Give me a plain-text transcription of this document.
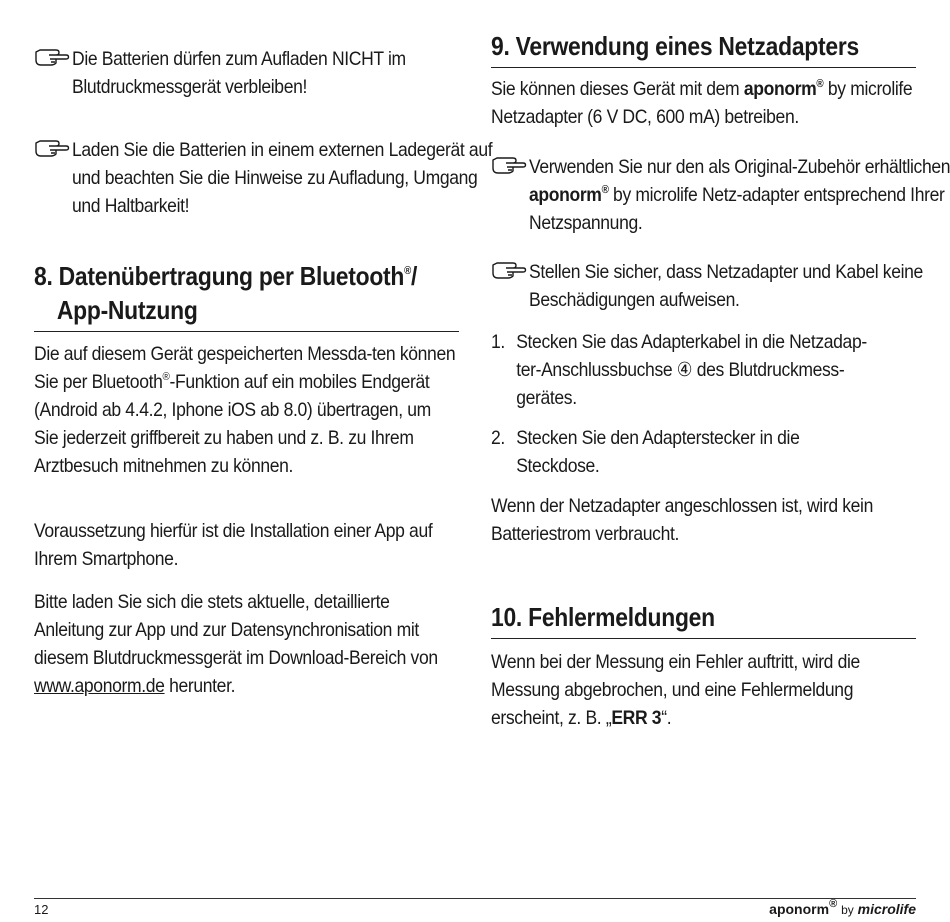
Die Batterien dürfen zum Aufladen NICHT im Blutdruckmessgerät verbleiben!
Laden Sie die Batterien in einem externen Ladegerät auf und beachten Sie die Hinweise zu Aufladung, Umgang und Haltbarkeit!
8. Datenübertragung per Bluetooth®/
App-Nutzung
Die auf diesem Gerät gespeicherten Messda-ten können Sie per Bluetooth®-Funktion auf ein mobiles Endgerät (Android ab 4.4.2, Iphone iOS ab 8.0) übertragen, um Sie jederzeit griffbereit zu haben und z. B. zu Ihrem Arztbesuch mitnehmen zu können.
Voraussetzung hierfür ist die Installation einer App auf Ihrem Smartphone.
Bitte laden Sie sich die stets aktuelle, detaillierte Anleitung zur App und zur Datensynchronisation mit diesem Blutdruckmessgerät im Download-Bereich von www.aponorm.de herunter.
9. Verwendung eines Netzadapters
Sie können dieses Gerät mit dem aponorm® by microlife Netzadapter (6 V DC, 600 mA) betreiben.
Verwenden Sie nur den als Original-Zubehör erhältlichen aponorm® by microlife Netz-adapter entsprechend Ihrer Netzspannung.
Stellen Sie sicher, dass Netzadapter und Kabel keine Beschädigungen aufweisen.
1. Stecken Sie das Adapterkabel in die Netzadap-ter-Anschlussbuchse ④ des Blutdruckmess-gerätes.
2. Stecken Sie den Adapterstecker in die Steckdose.
Wenn der Netzadapter angeschlossen ist, wird kein Batteriestrom verbraucht.
10. Fehlermeldungen
Wenn bei der Messung ein Fehler auftritt, wird die Messung abgebrochen, und eine Fehlermeldung erscheint, z. B. „ERR 3“.
12	aponorm® by microlife
